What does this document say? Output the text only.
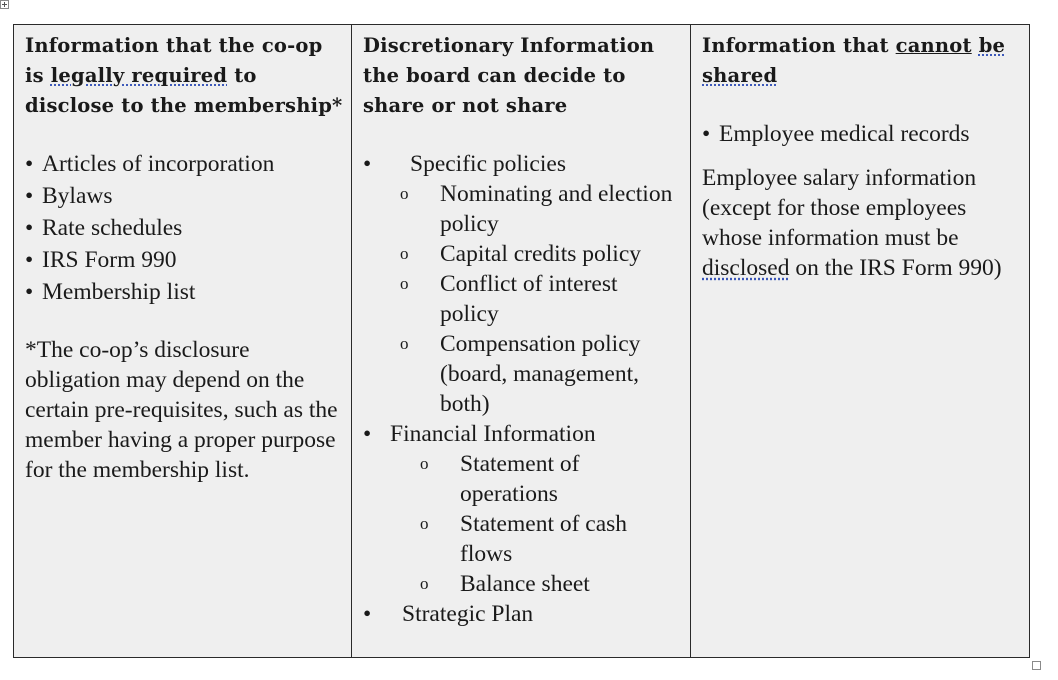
Information that the co-op is legally required to disclose to the membership*
• Articles of incorporation
• Bylaws
• Rate schedules
• IRS Form 990
• Membership list
*The co-op’s disclosure obligation may depend on the certain pre-requisites, such as the member having a proper purpose for the membership list.

Discretionary Information the board can decide to share or not share
• Specific policies
o Nominating and election policy
o Capital credits policy
o Conflict of interest policy
o Compensation policy (board, management, both)
• Financial Information
o Statement of operations
o Statement of cash flows
o Balance sheet
• Strategic Plan

Information that cannot be
shared
• Employee medical records
Employee salary information (except for those employees whose information must be disclosed on the IRS Form 990)
